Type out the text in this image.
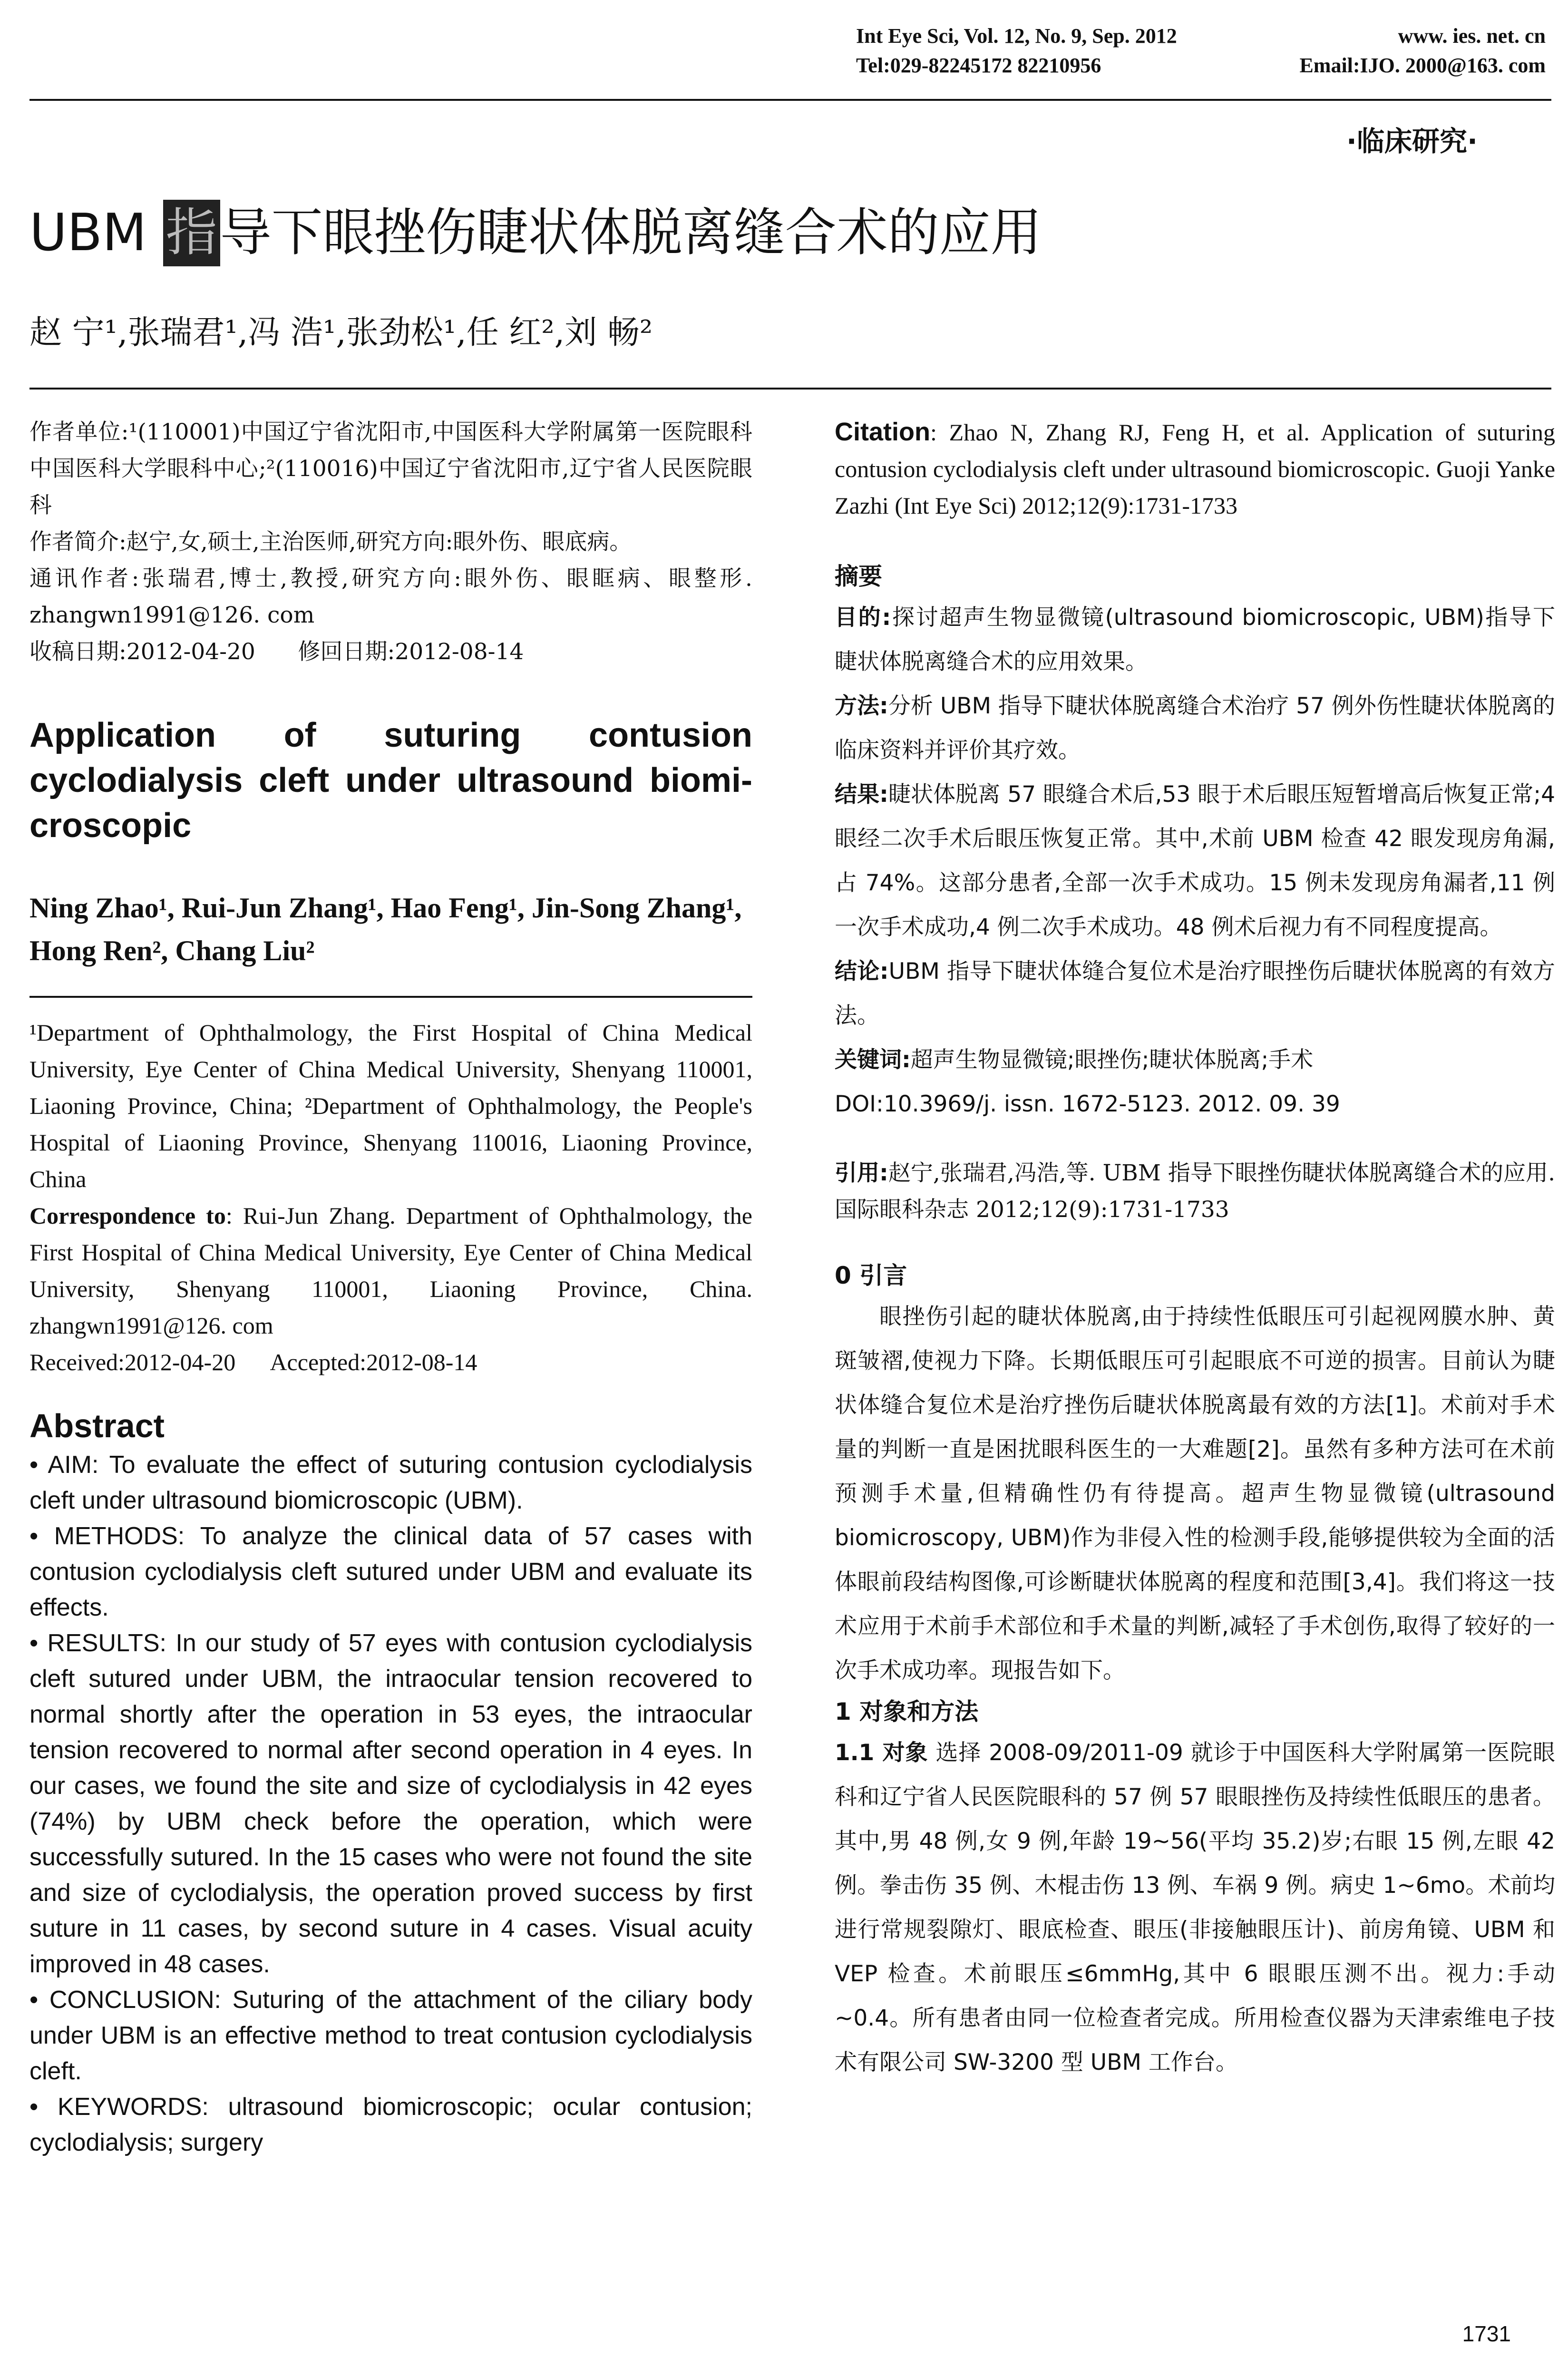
Int Eye Sci, Vol. 12, No. 9, Sep. 2012	www. ies. net. cn
Tel:029-82245172 82210956	Email:IJO. 2000@163. com
·临床研究·
UBM 指导下眼挫伤睫状体脱离缝合术的应用
赵 宁¹,张瑞君¹,冯 浩¹,张劲松¹,任 红²,刘 畅²

作者单位:¹(110001)中国辽宁省沈阳市,中国医科大学附属第一医院眼科 中国医科大学眼科中心;²(110016)中国辽宁省沈阳市,辽宁省人民医院眼科

作者简介:赵宁,女,硕士,主治医师,研究方向:眼外伤、眼底病。

通讯作者:张瑞君,博士,教授,研究方向:眼外伤、眼眶病、眼整形. zhangwn1991@126. com

收稿日期:2012-04-20      修回日期:2012-08-14

Application of suturing contusion cyclodialysis cleft under ultrasound biomi-croscopic

Ning Zhao¹, Rui-Jun Zhang¹, Hao Feng¹, Jin-Song Zhang¹, Hong Ren², Chang Liu²

¹Department of Ophthalmology, the First Hospital of China Medical University, Eye Center of China Medical University, Shenyang 110001, Liaoning Province, China; ²Department of Ophthalmology, the People's Hospital of Liaoning Province, Shenyang 110016, Liaoning Province, China

Correspondence to: Rui-Jun Zhang. Department of Ophthalmology, the First Hospital of China Medical University, Eye Center of China Medical University, Shenyang 110001, Liaoning Province, China. zhangwn1991@126. com

Received:2012-04-20      Accepted:2012-08-14

Abstract

• AIM: To evaluate the effect of suturing contusion cyclodialysis cleft under ultrasound biomicroscopic (UBM).

• METHODS: To analyze the clinical data of 57 cases with contusion cyclodialysis cleft sutured under UBM and evaluate its effects.

• RESULTS: In our study of 57 eyes with contusion cyclodialysis cleft sutured under UBM, the intraocular tension recovered to normal shortly after the operation in 53 eyes, the intraocular tension recovered to normal after second operation in 4 eyes. In our cases, we found the site and size of cyclodialysis in 42 eyes (74%) by UBM check before the operation, which were successfully sutured. In the 15 cases who were not found the site and size of cyclodialysis, the operation proved success by first suture in 11 cases, by second suture in 4 cases. Visual acuity improved in 48 cases.

• CONCLUSION: Suturing of the attachment of the ciliary body under UBM is an effective method to treat contusion cyclodialysis cleft.

• KEYWORDS: ultrasound biomicroscopic; ocular contusion; cyclodialysis; surgery

Citation: Zhao N, Zhang RJ, Feng H, et al. Application of suturing contusion cyclodialysis cleft under ultrasound biomicroscopic. Guoji Yanke Zazhi (Int Eye Sci) 2012;12(9):1731-1733

摘要

目的:探讨超声生物显微镜(ultrasound biomicroscopic, UBM)指导下睫状体脱离缝合术的应用效果。

方法:分析 UBM 指导下睫状体脱离缝合术治疗 57 例外伤性睫状体脱离的临床资料并评价其疗效。

结果:睫状体脱离 57 眼缝合术后,53 眼于术后眼压短暂增高后恢复正常;4 眼经二次手术后眼压恢复正常。其中,术前 UBM 检查 42 眼发现房角漏,占 74%。这部分患者,全部一次手术成功。15 例未发现房角漏者,11 例一次手术成功,4 例二次手术成功。48 例术后视力有不同程度提高。

结论:UBM 指导下睫状体缝合复位术是治疗眼挫伤后睫状体脱离的有效方法。

关键词:超声生物显微镜;眼挫伤;睫状体脱离;手术

DOI:10.3969/j. issn. 1672-5123. 2012. 09. 39

引用:赵宁,张瑞君,冯浩,等. UBM 指导下眼挫伤睫状体脱离缝合术的应用. 国际眼科杂志 2012;12(9):1731-1733

0 引言

眼挫伤引起的睫状体脱离,由于持续性低眼压可引起视网膜水肿、黄斑皱褶,使视力下降。长期低眼压可引起眼底不可逆的损害。目前认为睫状体缝合复位术是治疗挫伤后睫状体脱离最有效的方法[1]。术前对手术量的判断一直是困扰眼科医生的一大难题[2]。虽然有多种方法可在术前预测手术量,但精确性仍有待提高。超声生物显微镜(ultrasound biomicroscopy, UBM)作为非侵入性的检测手段,能够提供较为全面的活体眼前段结构图像,可诊断睫状体脱离的程度和范围[3,4]。我们将这一技术应用于术前手术部位和手术量的判断,减轻了手术创伤,取得了较好的一次手术成功率。现报告如下。

1 对象和方法

1.1 对象 选择 2008-09/2011-09 就诊于中国医科大学附属第一医院眼科和辽宁省人民医院眼科的 57 例 57 眼眼挫伤及持续性低眼压的患者。其中,男 48 例,女 9 例,年龄 19~56(平均 35.2)岁;右眼 15 例,左眼 42 例。拳击伤 35 例、木棍击伤 13 例、车祸 9 例。病史 1~6mo。术前均进行常规裂隙灯、眼底检查、眼压(非接触眼压计)、前房角镜、UBM 和 VEP 检查。术前眼压≤6mmHg,其中 6 眼眼压测不出。视力:手动~0.4。所有患者由同一位检查者完成。所用检查仪器为天津索维电子技术有限公司 SW-3200 型 UBM 工作台。

1731
